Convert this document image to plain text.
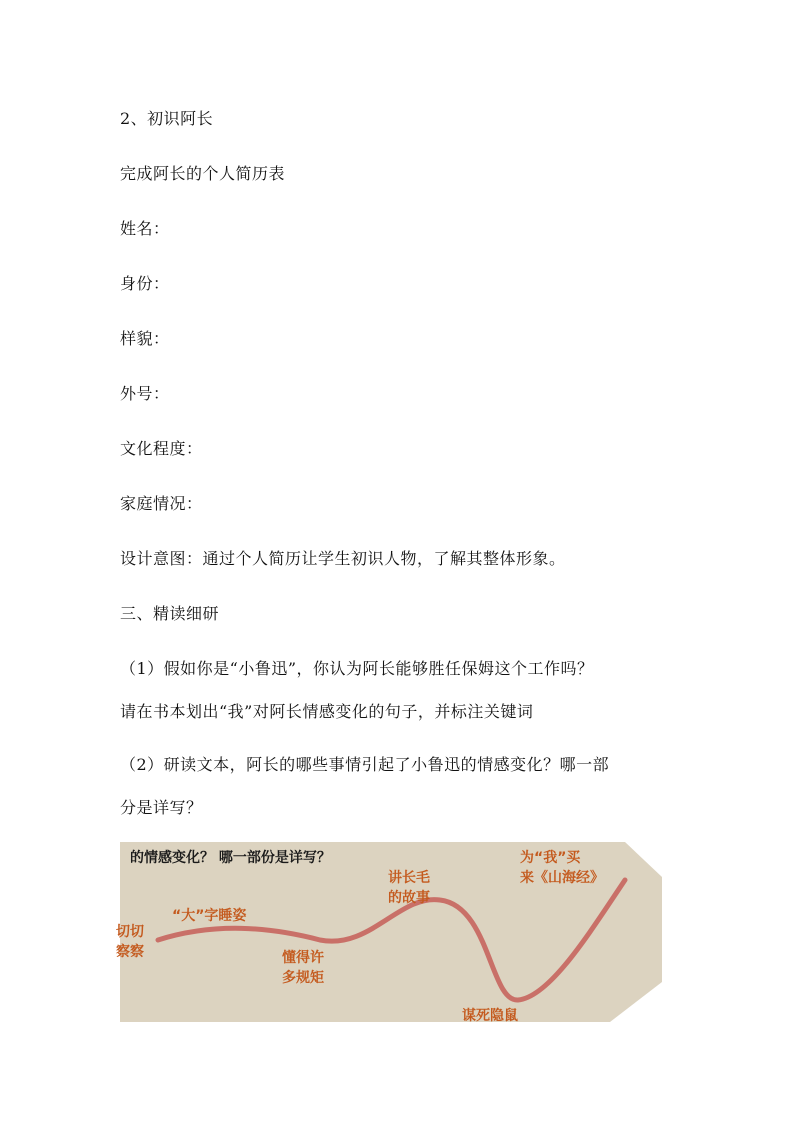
2、初识阿长
完成阿长的个人简历表
姓名：
身份：
样貌：
外号：
文化程度：
家庭情况：
设计意图：通过个人简历让学生初识人物，了解其整体形象。
三、精读细研
（1）假如你是“小鲁迅”，你认为阿长能够胜任保姆这个工作吗？
请在书本划出“我”对阿长情感变化的句子，并标注关键词
（2）研读文本，阿长的哪些事情引起了小鲁迅的情感变化？哪一部
分是详写？
的情感变化？ 哪一部份是详写？
切切
察察
“大”字睡姿
懂得许
多规矩
讲长毛
的故事
谋死隐鼠
为“我”买
来《山海经》
